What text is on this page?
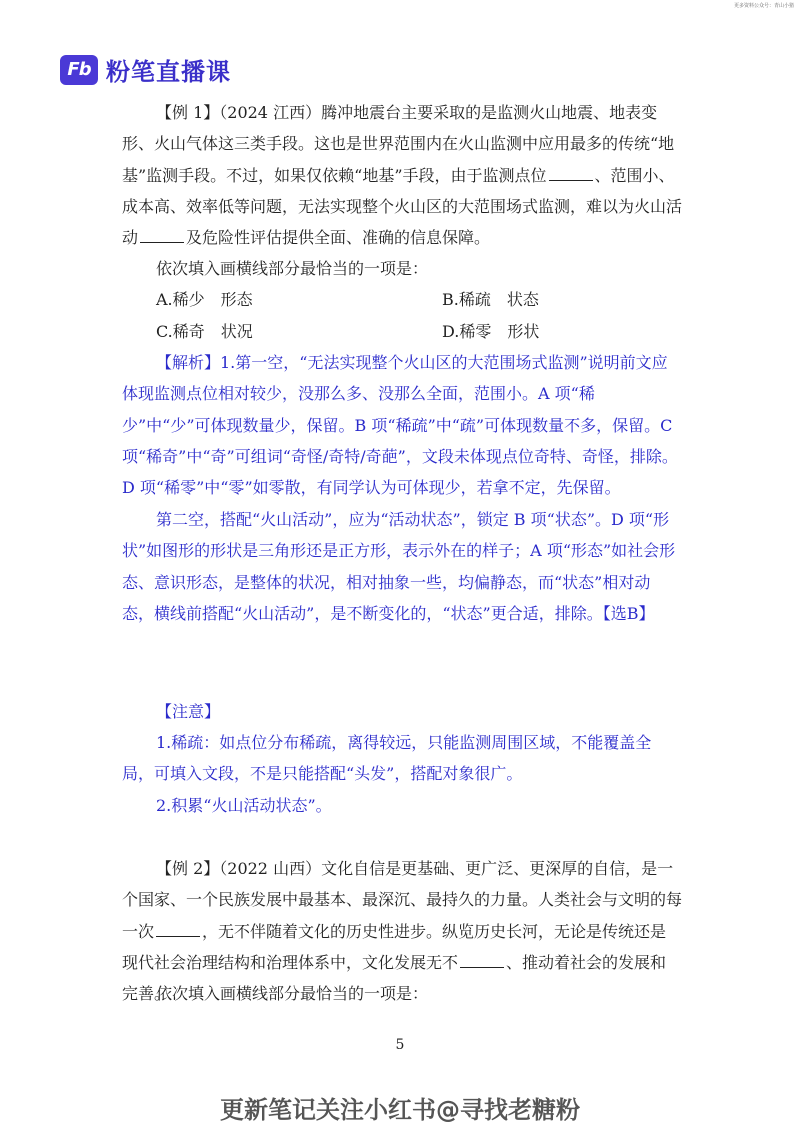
更多资料公众号：青山小猪
Fb 粉笔直播课

【例 1】（2024 江西）腾冲地震台主要采取的是监测火山地震、地表变形、火山气体这三类手段。这也是世界范围内在火山监测中应用最多的传统“地基”监测手段。不过，如果仅依赖“地基”手段，由于监测点位	、范围小、成本高、效率低等问题，无法实现整个火山区的大范围场式监测，难以为火山活动	及危险性评估提供全面、准确的信息保障。

依次填入画横线部分最恰当的一项是：

A.稀少　形态	B.稀疏　状态
C.稀奇　状况	D.稀零　形状

【解析】1.第一空，“无法实现整个火山区的大范围场式监测”说明前文应体现监测点位相对较少，没那么多、没那么全面，范围小。A 项“稀少”中“少”可体现数量少，保留。B 项“稀疏”中“疏”可体现数量不多，保留。C 项“稀奇”中“奇”可组词“奇怪/奇特/奇葩”，文段未体现点位奇特、奇怪，排除。D 项“稀零”中“零”如零散，有同学认为可体现少，若拿不定，先保留。

第二空，搭配“火山活动”，应为“活动状态”，锁定 B 项“状态”。D 项“形状”如图形的形状是三角形还是正方形，表示外在的样子；A 项“形态”如社会形态、意识形态，是整体的状况，相对抽象一些，均偏静态，而“状态”相对动态，横线前搭配“火山活动”，是不断变化的，“状态”更合适，排除。【选B】

【注意】

1.稀疏：如点位分布稀疏，离得较远，只能监测周围区域，不能覆盖全局，可填入文段，不是只能搭配“头发”，搭配对象很广。

2.积累“火山活动状态”。

【例 2】（2022 山西）文化自信是更基础、更广泛、更深厚的自信，是一个国家、一个民族发展中最基本、最深沉、最持久的力量。人类社会与文明的每一次	，无不伴随着文化的历史性进步。纵览历史长河，无论是传统还是现代社会治理结构和治理体系中，文化发展无不	、推动着社会的发展和完善。

依次填入画横线部分最恰当的一项是：

5
更新笔记关注小红书@寻找老糖粉
